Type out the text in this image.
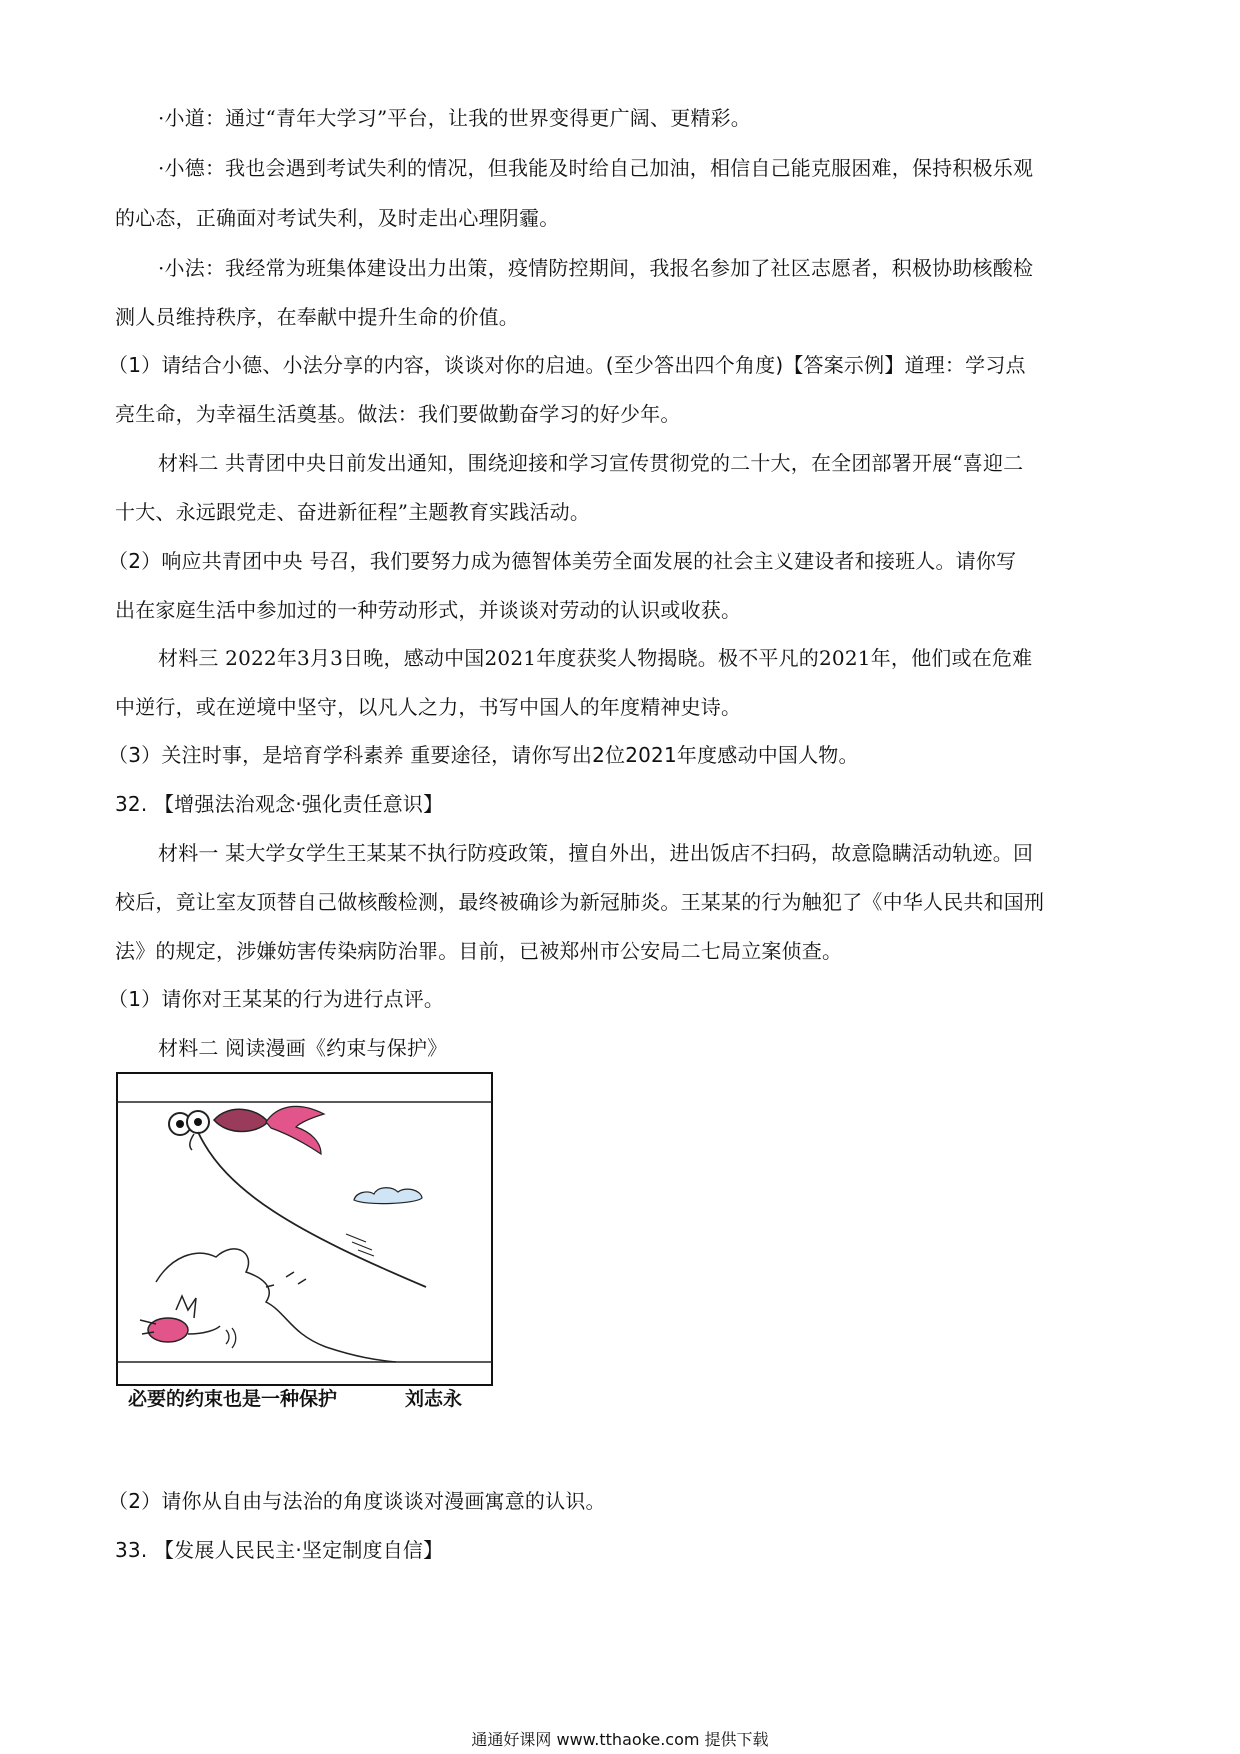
·小道：通过“青年大学习”平台，让我的世界变得更广阔、更精彩。
·小德：我也会遇到考试失利的情况，但我能及时给自己加油，相信自己能克服困难，保持积极乐观
的心态，正确面对考试失利，及时走出心理阴霾。
·小法：我经常为班集体建设出力出策，疫情防控期间，我报名参加了社区志愿者，积极协助核酸检
测人员维持秩序，在奉献中提升生命的价值。
（1）请结合小德、小法分享的内容，谈谈对你的启迪。(至少答出四个角度)【答案示例】道理：学习点
亮生命，为幸福生活奠基。做法：我们要做勤奋学习的好少年。
材料二 共青团中央日前发出通知，围绕迎接和学习宣传贯彻党的二十大，在全团部署开展“喜迎二
十大、永远跟党走、奋进新征程”主题教育实践活动。
（2）响应共青团中央 号召，我们要努力成为德智体美劳全面发展的社会主义建设者和接班人。请你写
出在家庭生活中参加过的一种劳动形式，并谈谈对劳动的认识或收获。
材料三 2022年3月3日晚，感动中国2021年度获奖人物揭晓。极不平凡的2021年，他们或在危难
中逆行，或在逆境中坚守，以凡人之力，书写中国人的年度精神史诗。
（3）关注时事，是培育学科素养 重要途径，请你写出2位2021年度感动中国人物。
32. 【增强法治观念·强化责任意识】
材料一 某大学女学生王某某不执行防疫政策，擅自外出，进出饭店不扫码，故意隐瞒活动轨迹。回
校后，竟让室友顶替自己做核酸检测，最终被确诊为新冠肺炎。王某某的行为触犯了《中华人民共和国刑
法》的规定，涉嫌妨害传染病防治罪。目前，已被郑州市公安局二七局立案侦查。
（1）请你对王某某的行为进行点评。
材料二 阅读漫画《约束与保护》
必要的约束也是一种保护	刘志永
（2）请你从自由与法治的角度谈谈对漫画寓意的认识。
33. 【发展人民民主·坚定制度自信】
通通好课网 www.tthaoke.com 提供下载
